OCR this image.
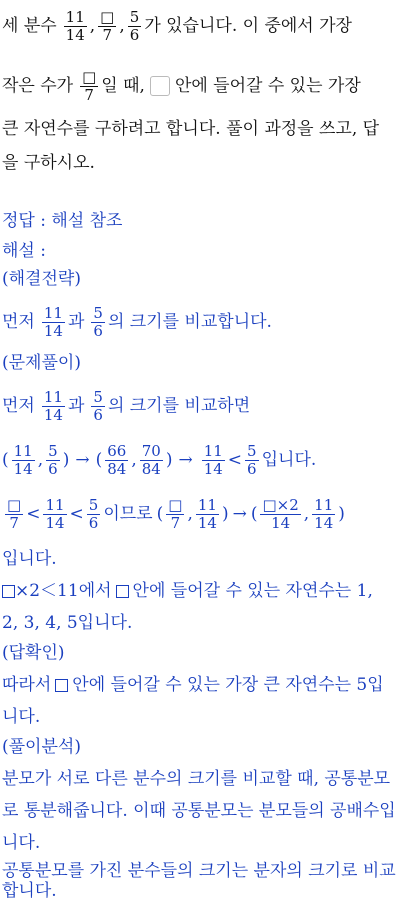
세 분수 $\frac{11}{14}$ , $\frac{□}{7}$ , $\frac{5}{6}$ 가 있습니다. 이 중에서 가장
작은 수가 $\frac{□}{7}$ 일 때, 안에 들어갈 수 있는 가장
큰 자연수를 구하려고 합니다. 풀이 과정을 쓰고, 답
을 구하시오.
정답 : 해설 참조
해설 :
(해결전략)
먼저 $\frac{11}{14}$ 과 $\frac{5}{6}$ 의 크기를 비교합니다.
(문제풀이)
먼저 $\frac{11}{14}$ 과 $\frac{5}{6}$ 의 크기를 비교하면
( $\frac{11}{14}$ , $\frac{5}{6}$ ) → ( $\frac{66}{84}$ , $\frac{70}{84}$ ) → $\frac{11}{14} < \frac{5}{6}$ 입니다.
$\frac{□}{7} < \frac{11}{14} < \frac{5}{6}$ 이므로 ( $\frac{□}{7}$ , $\frac{11}{14}$ ) → ( $\frac{□\times 2}{14}$ , $\frac{11}{14}$ )
입니다.
×2＜11에서 안에 들어갈 수 있는 자연수는 1,
2, 3, 4, 5입니다.
(답확인)
따라서 안에 들어갈 수 있는 가장 큰 자연수는 5입
니다.
(풀이분석)
분모가 서로 다른 분수의 크기를 비교할 때, 공통분모
로 통분해줍니다. 이때 공통분모는 분모들의 공배수입
니다.
공통분모를 가진 분수들의 크기는 분자의 크기로 비교
합니다.
